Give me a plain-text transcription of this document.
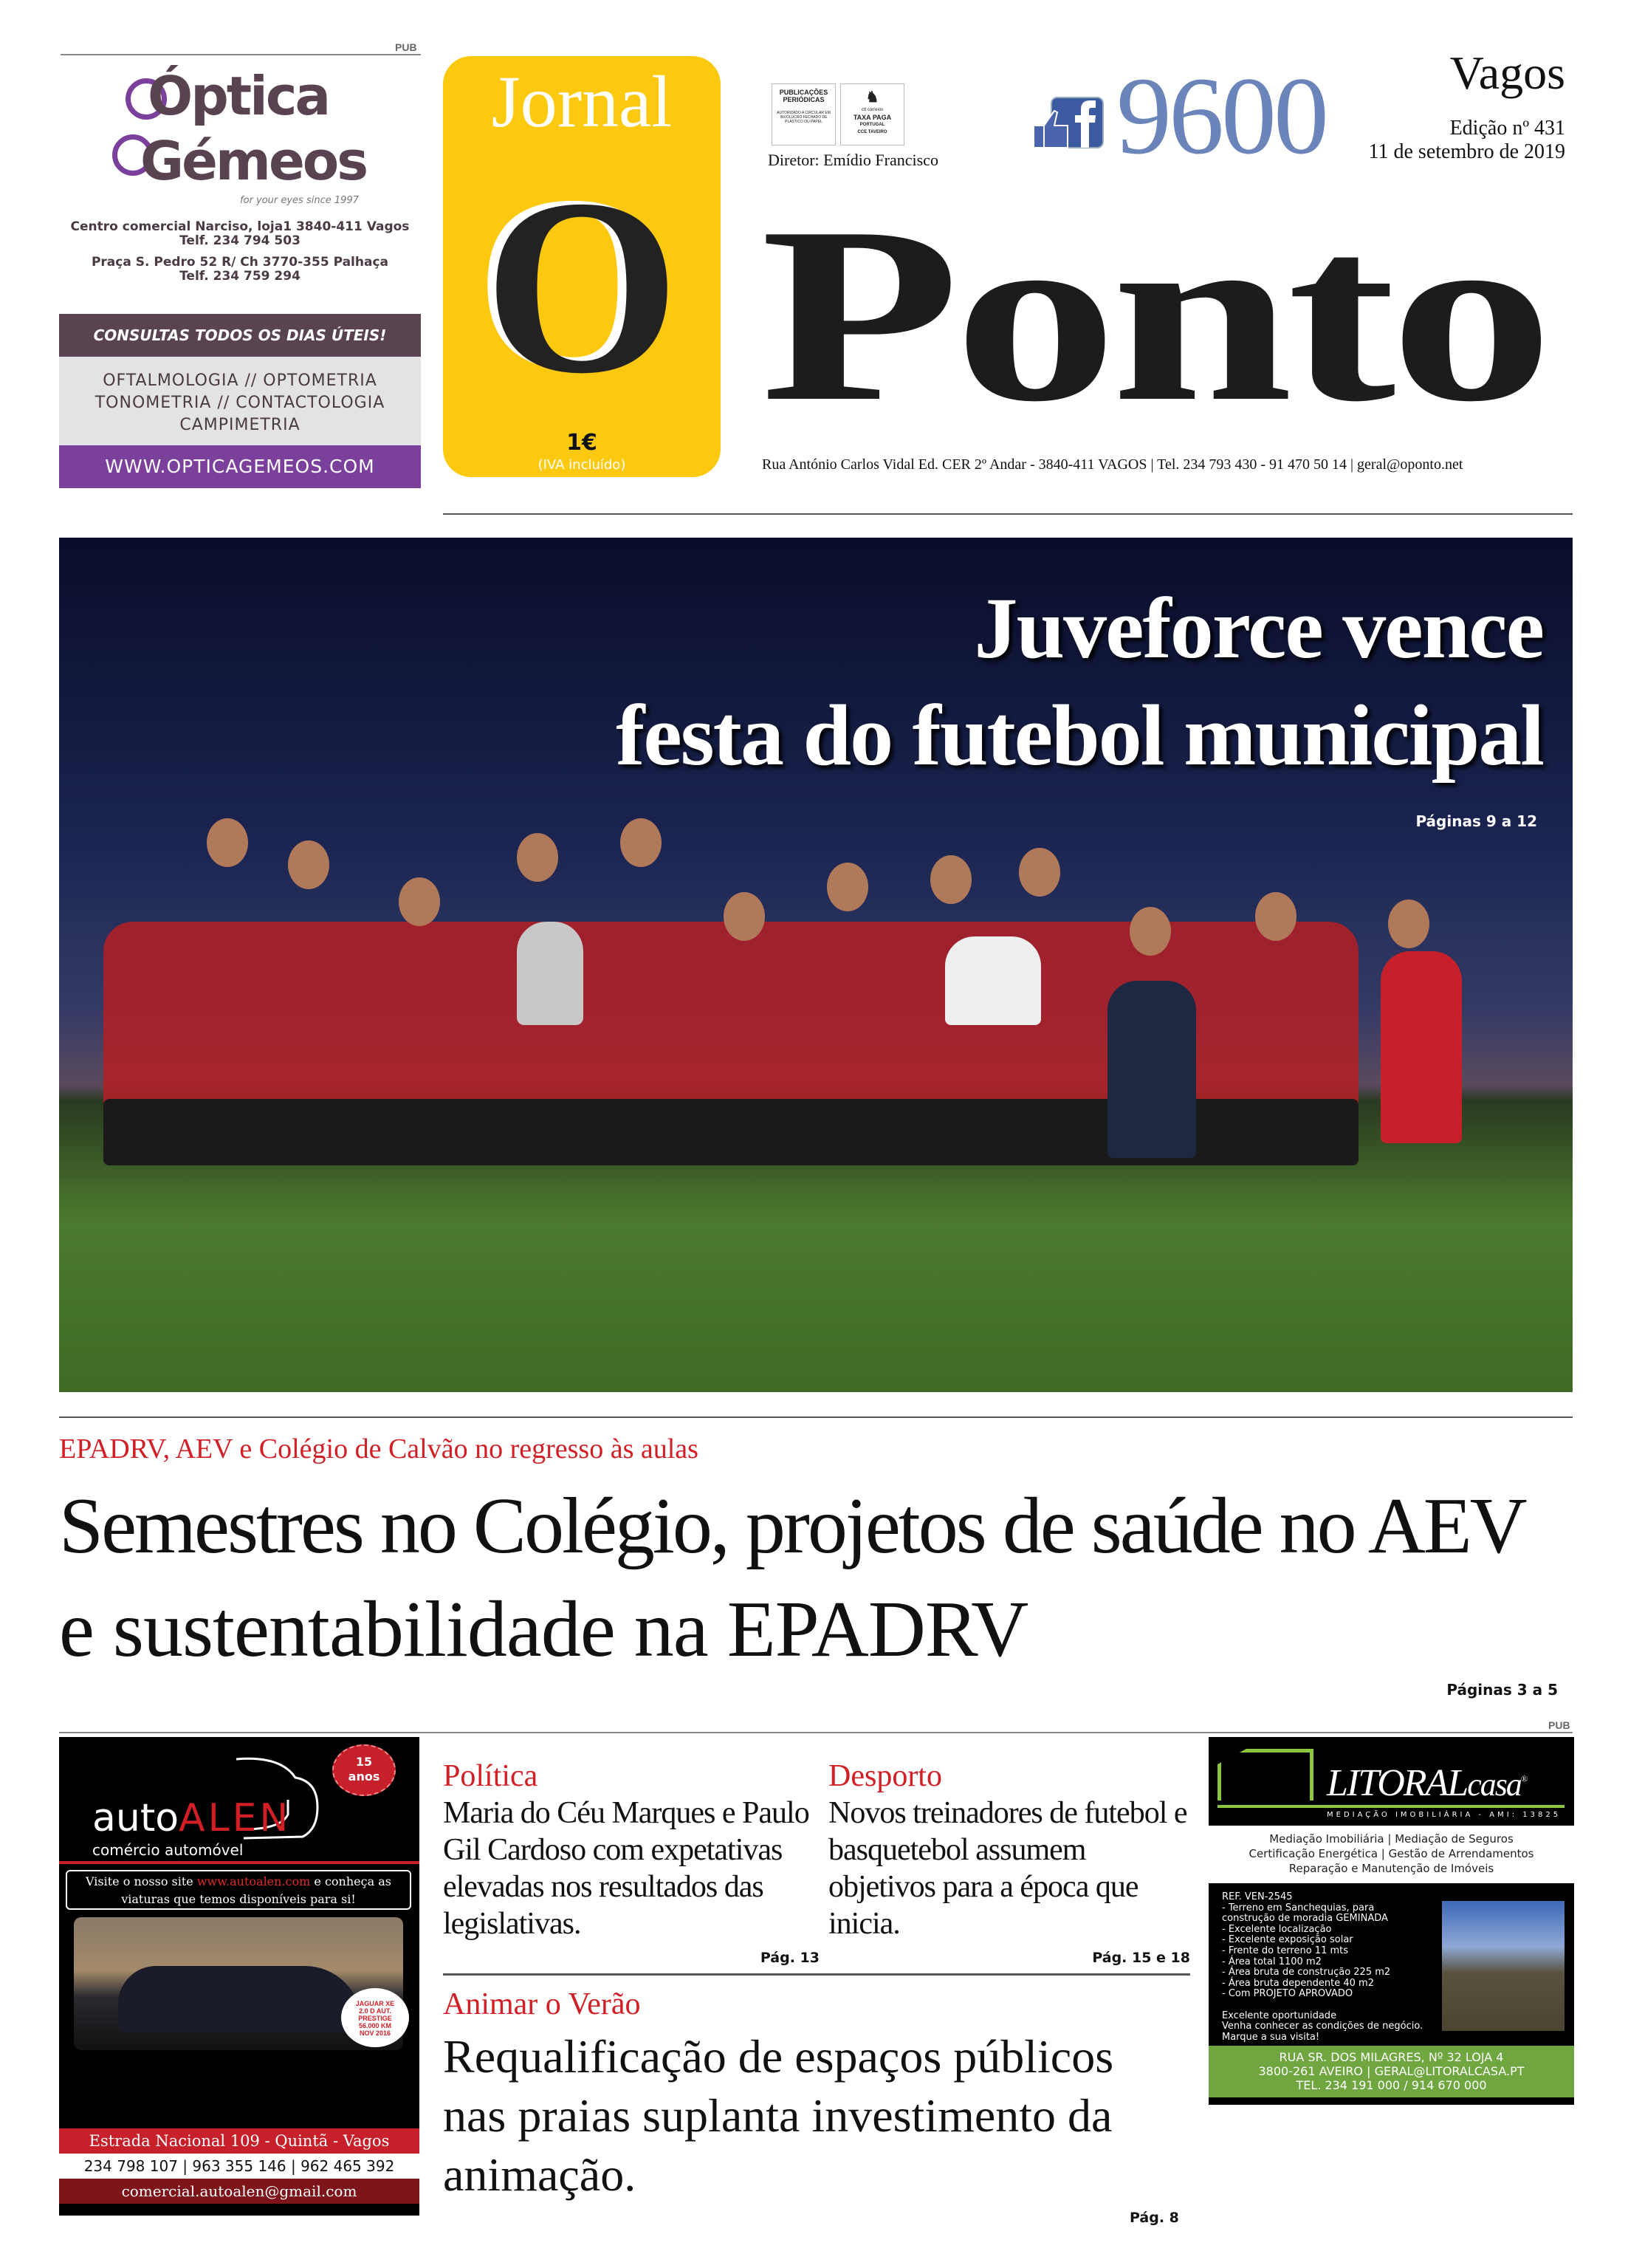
PUB
Óptica
Gémeos
for your eyes since 1997
Centro comercial Narciso, loja1 3840-411 Vagos
Telf. 234 794 503
Praça S. Pedro 52 R/ Ch 3770-355 Palhaça
Telf. 234 759 294
CONSULTAS TODOS OS DIAS ÚTEIS!
OFTALMOLOGIA // OPTOMETRIA
TONOMETRIA // CONTACTOLOGIA
CAMPIMETRIA
WWW.OPTICAGEMEOS.COM
Jornal
O
1€
(IVA incluído)
PUBLICAÇÕES
PERIÓDICAS
AUTORIZADO A CIRCULAR EM INVÓLUCRO FECHADO DE PLÁSTICO OU PAPEL
♞
ctt correios
TAXA PAGA
PORTUGAL
CCE TAVEIRO 9600	Vagos
Edição nº 431
11 de setembro de 2019
Diretor: Emídio Francisco
Ponto
Rua António Carlos Vidal Ed. CER 2º Andar - 3840-411 VAGOS | Tel. 234 793 430 - 91 470 50 14 | geral@oponto.net
Juveforce vence
festa do futebol municipal
Páginas 9 a 12
EPADRV, AEV e Colégio de Calvão no regresso às aulas
Semestres no Colégio, projetos de saúde no AEV
e sustentabilidade na EPADRV
Páginas 3 a 5
PUB
Política
Maria do Céu Marques e Paulo Gil Cardoso com expetativas elevadas nos resultados das legislativas.
Pág. 13
Desporto
Novos treinadores de futebol e basquetebol assumem objetivos para a época que inicia.
Pág. 15 e 18
Animar o Verão
Requalificação de espaços públicos nas praias suplanta investimento da animação.
Pág. 8
15
anos
autoALEN
comércio automóvel
Visite o nosso site www.autoalen.com e conheça as viaturas que temos disponíveis para si!
JAGUAR XE
2.0 D AUT.
PRESTIGE
56.000 KM
NOV 2016
Estrada Nacional 109 - Quintã - Vagos
234 798 107 | 963 355 146 | 962 465 392
comercial.autoalen@gmail.com
LITORALcasa®
MEDIAÇÃO IMOBILIÁRIA - AMI: 13825
Mediação Imobiliária | Mediação de Seguros
Certificação Energética | Gestão de Arrendamentos
Reparação e Manutenção de Imóveis
REF. VEN-2545
- Terreno em Sanchequias, para
construção de moradia GEMINADA
- Excelente localização
- Excelente exposição solar
- Frente do terreno 11 mts
- Área total 1100 m2
- Área bruta de construção 225 m2
- Área bruta dependente 40 m2
- Com PROJETO APROVADO

Excelente oportunidade
Venha conhecer as condições de negócio.
Marque a sua visita!
RUA SR. DOS MILAGRES, Nº 32 LOJA 4
3800-261 AVEIRO | GERAL@LITORALCASA.PT
TEL. 234 191 000 / 914 670 000
